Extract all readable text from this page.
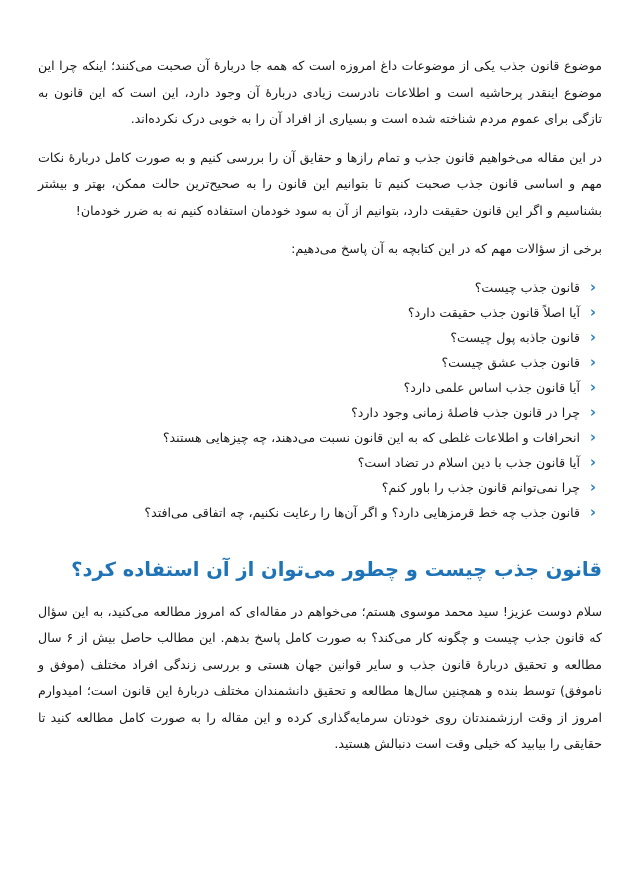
موضوع قانون جذب یکی از موضوعات داغ امروزه است که همه جا دربارهٔ آن صحبت می‌کنند؛ اینکه چرا این موضوع اینقدر پرحاشیه است و اطلاعات نادرست زیادی دربارهٔ آن وجود دارد، این است که این قانون به تازگی برای عموم مردم شناخته شده است و بسیاری از افراد آن را به خوبی درک نکرده‌اند.

در این مقاله می‌خواهیم قانون جذب و تمام رازها و حقایق آن را بررسی کنیم و به صورت کامل دربارهٔ نکات مهم و اساسی قانون جذب صحبت کنیم تا بتوانیم این قانون را به صحیح‌ترین حالت ممکن، بهتر و بیشتر بشناسیم و اگر این قانون حقیقت دارد، بتوانیم از آن به سود خودمان استفاده کنیم نه به ضرر خودمان!

برخی از سؤالات مهم که در این کتابچه به آن پاسخ می‌دهیم:

‹
قانون جذب چیست؟
‹
آیا اصلاً قانون جذب حقیقت دارد؟
‹
قانون جاذبه پول چیست؟
‹
قانون جذب عشق چیست؟
‹
آیا قانون جذب اساس علمی دارد؟
‹
چرا در قانون جذب فاصلهٔ زمانی وجود دارد؟
‹
انحرافات و اطلاعات غلطی که به این قانون نسبت می‌دهند، چه چیزهایی هستند؟
‹
آیا قانون جذب با دین اسلام در تضاد است؟
‹
چرا نمی‌توانم قانون جذب را باور کنم؟
‹
قانون جذب چه خط قرمزهایی دارد؟ و اگر آن‌ها را رعایت نکنیم، چه اتفاقی می‌افتد؟
قانون جذب چیست و چطور می‌توان از آن استفاده کرد؟

سلام دوست عزیز! سید محمد موسوی هستم؛ می‌خواهم در مقاله‌ای که امروز مطالعه می‌کنید، به این سؤال که قانون جذب چیست و چگونه کار می‌کند؟ به صورت کامل پاسخ بدهم. این مطالب حاصل بیش از ۶ سال مطالعه و تحقیق دربارهٔ قانون جذب و سایر قوانین جهان هستی و بررسی زندگی افراد مختلف (موفق و ناموفق) توسط بنده و همچنین سال‌ها مطالعه و تحقیق دانشمندان مختلف دربارهٔ این قانون است؛ امیدوارم امروز از وقت ارزشمندتان روی خودتان سرمایه‌گذاری کرده و این مقاله را به صورت کامل مطالعه کنید تا حقایقی را بیابید که خیلی وقت است دنبالش هستید.
